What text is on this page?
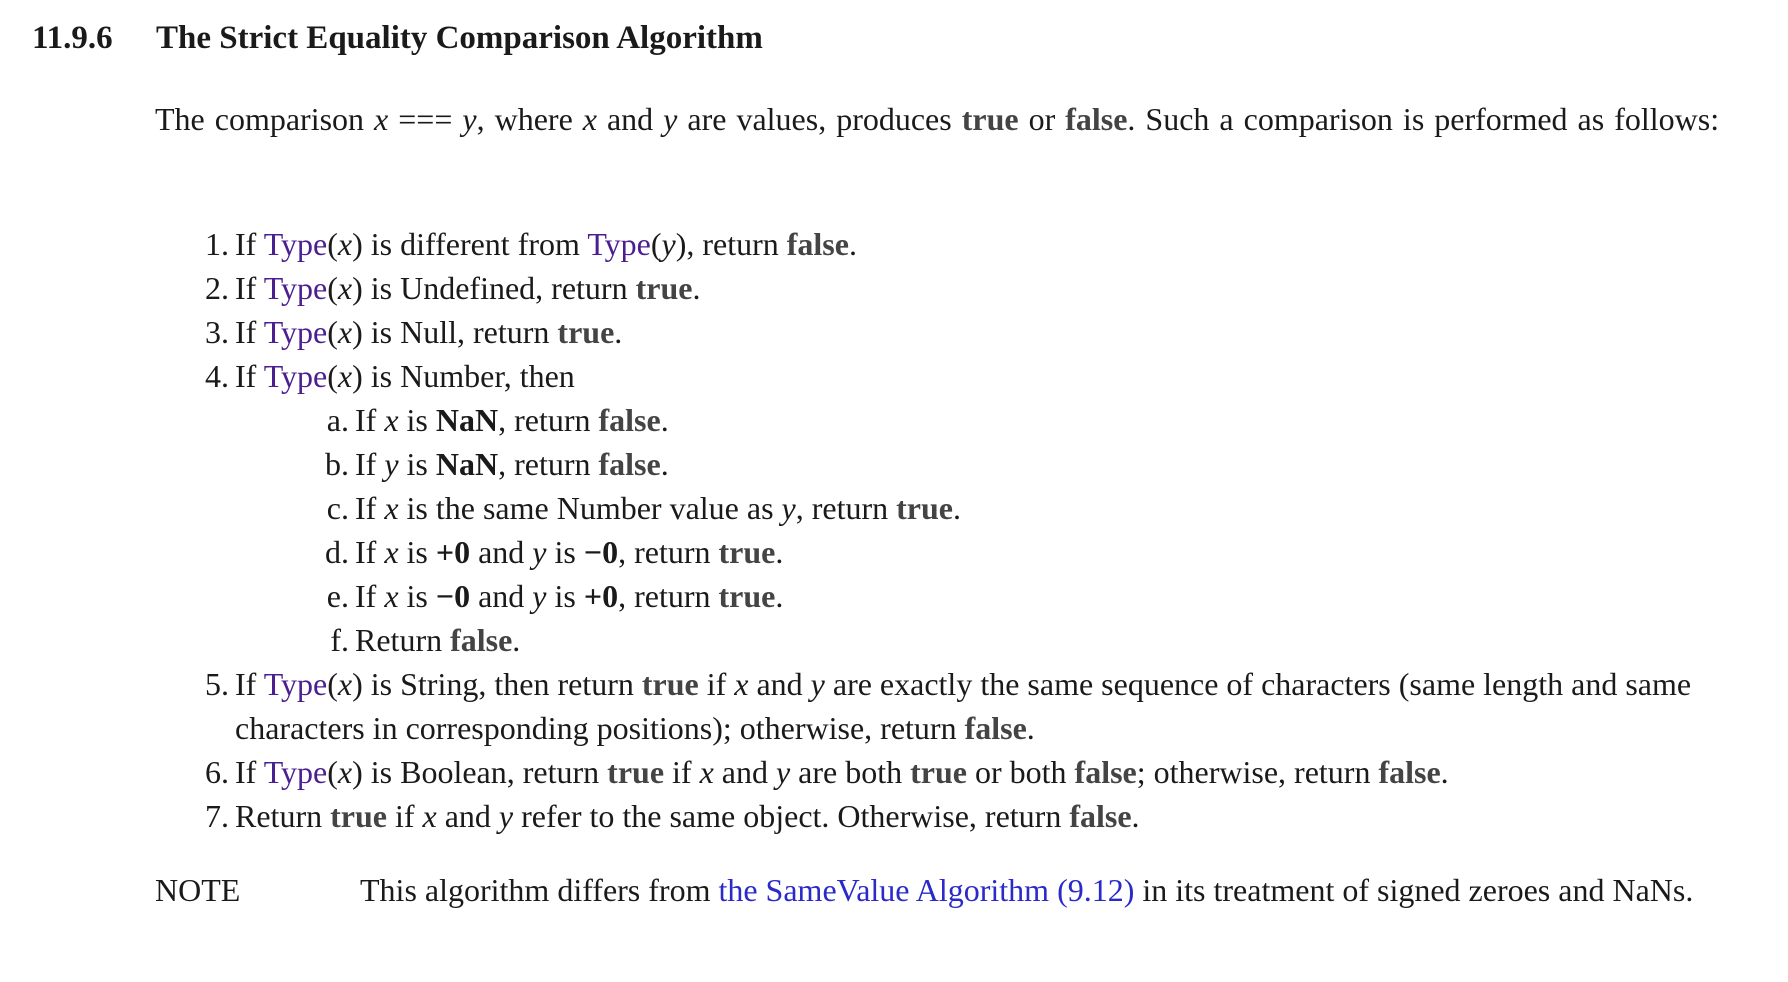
11.9.6 The Strict Equality Comparison Algorithm

The comparison x === y, where x and y are values, produces true or false. Such a comparison is performed as follows:

1. If Type(x) is different from Type(y), return false.
2. If Type(x) is Undefined, return true.
3. If Type(x) is Null, return true.
4. If Type(x) is Number, then
a. If x is NaN, return false.
b. If y is NaN, return false.
c. If x is the same Number value as y, return true.
d. If x is +0 and y is −0, return true.
e. If x is −0 and y is +0, return true.
f. Return false.
5. If Type(x) is String, then return true if x and y are exactly the same sequence of characters (same length and same characters in corresponding positions); otherwise, return false.
6. If Type(x) is Boolean, return true if x and y are both true or both false; otherwise, return false.
7. Return true if x and y refer to the same object. Otherwise, return false.
NOTE	This algorithm differs from the SameValue Algorithm (9.12) in its treatment of signed zeroes and NaNs.
